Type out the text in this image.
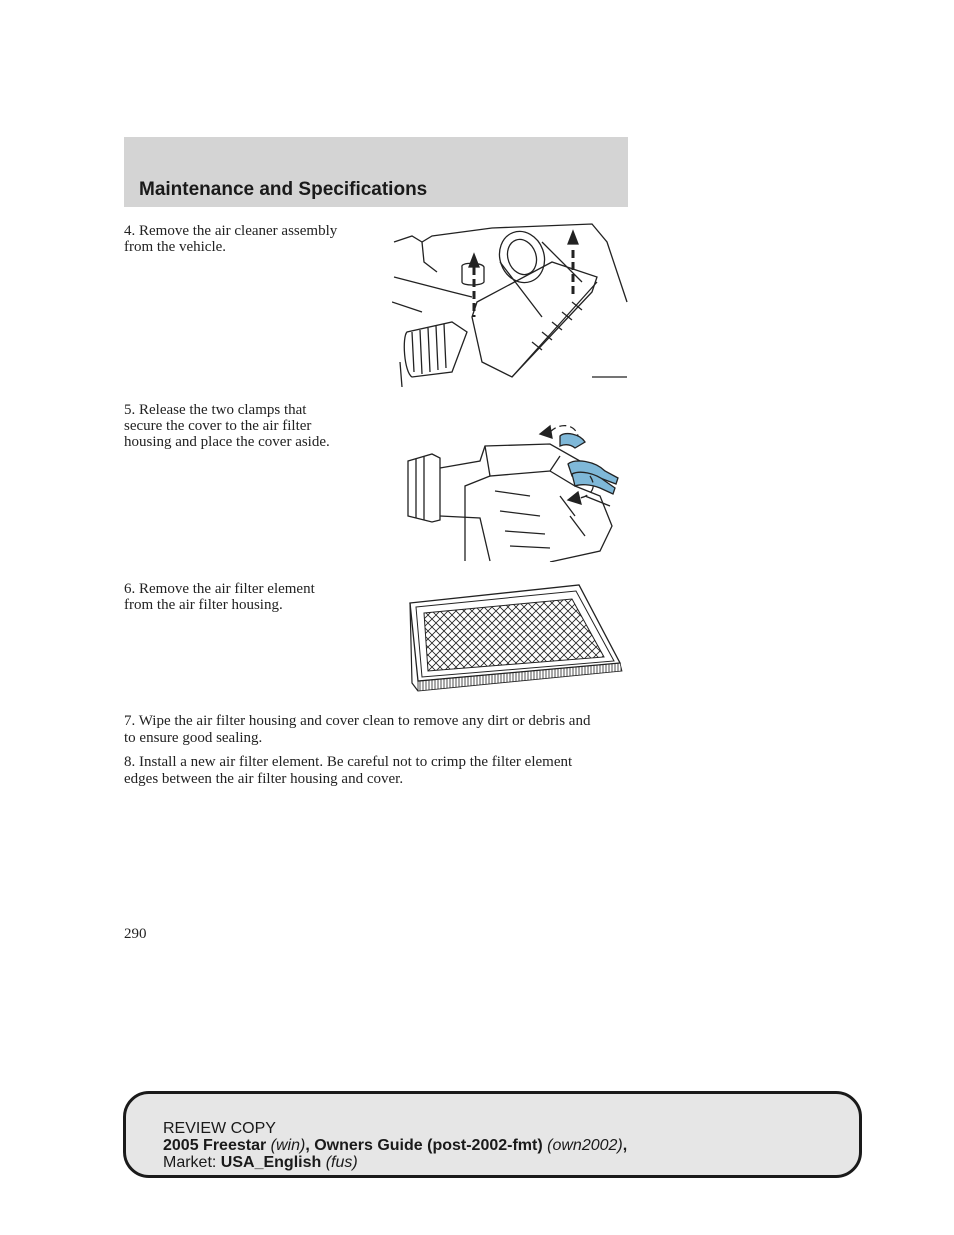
Maintenance and Specifications
4. Remove the air cleaner assembly
from the vehicle.
5. Release the two clamps that
secure the cover to the air filter
housing and place the cover aside.
6. Remove the air filter element
from the air filter housing.

7. Wipe the air filter housing and cover clean to remove any dirt or debris and to ensure good sealing.

8. Install a new air filter element. Be careful not to crimp the filter element edges between the air filter housing and cover.

290
REVIEW COPY
2005 Freestar (win), Owners Guide (post-2002-fmt) (own2002),
Market: USA_English (fus)
